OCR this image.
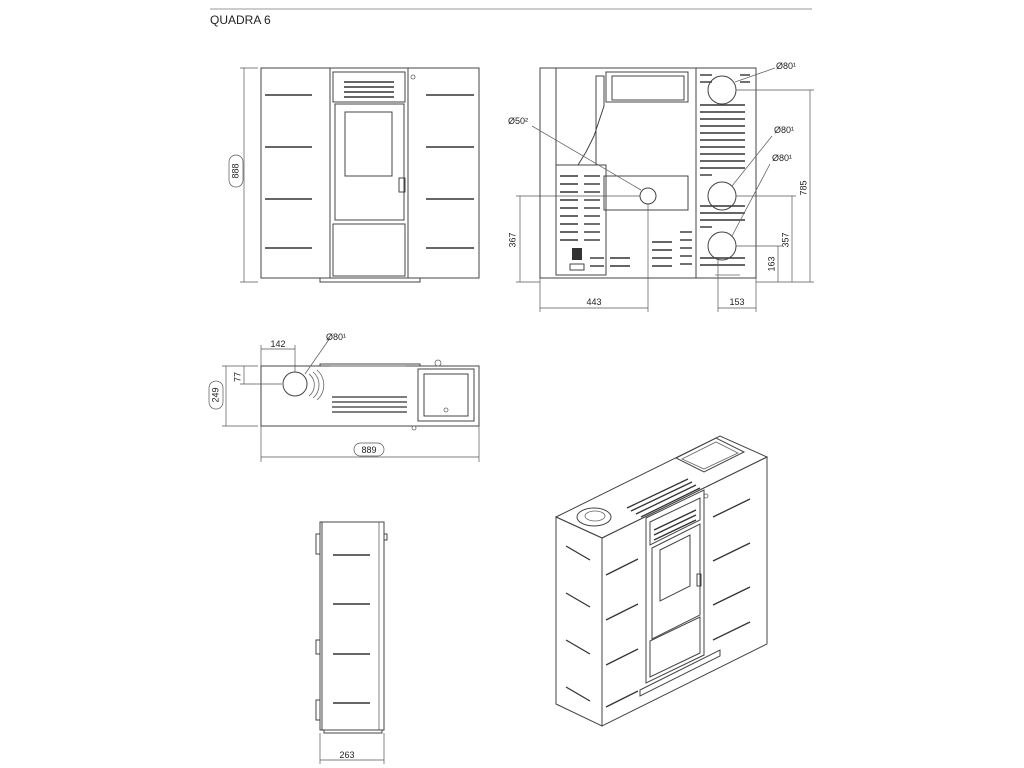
QUADRA 6
888
Ø80¹
Ø80¹
Ø80¹
Ø50²
367
785
357
163
443	153
Ø80¹
142
77
249
889
263
